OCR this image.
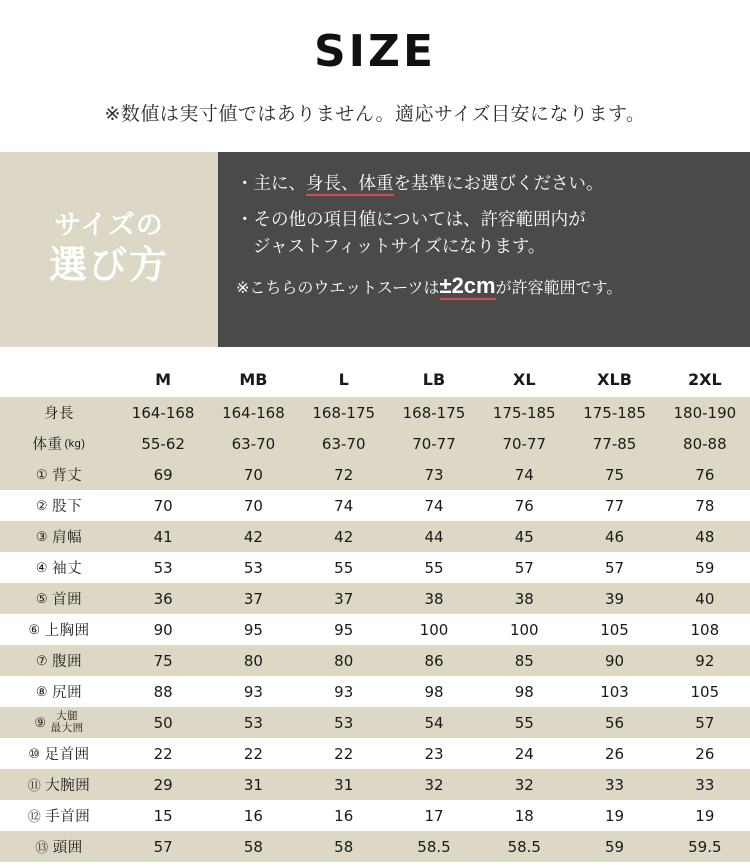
SIZE
※数値は実寸値ではありません。適応サイズ目安になります。
サイズの
選び方

・主に、身長、体重を基準にお選びください。

・その他の項目値については、許容範囲内が
ジャストフィットサイズになります。

※こちらのウエットスーツは±2cmが許容範囲です。

	M	MB	L	LB	XL	XLB	2XL

身長	164-168	164-168	168-175	168-175	175-185	175-185	180-190

体重 (kg)	55-62	63-70	63-70	70-77	70-77	77-85	80-88

① 背丈	69	70	72	73	74	75	76

② 股下	70	70	74	74	76	77	78

③ 肩幅	41	42	42	44	45	46	48

④ 袖丈	53	53	55	55	57	57	59

⑤ 首囲	36	37	37	38	38	39	40

⑥ 上胸囲	90	95	95	100	100	105	108

⑦ 腹囲	75	80	80	86	85	90	92

⑧ 尻囲	88	93	93	98	98	103	105

⑨ 大腿
最大囲	50	53	53	54	55	56	57

⑩ 足首囲	22	22	22	23	24	26	26

⑪ 大腕囲	29	31	31	32	32	33	33

⑫ 手首囲	15	16	16	17	18	19	19

⑬ 頭囲	57	58	58	58.5	58.5	59	59.5
